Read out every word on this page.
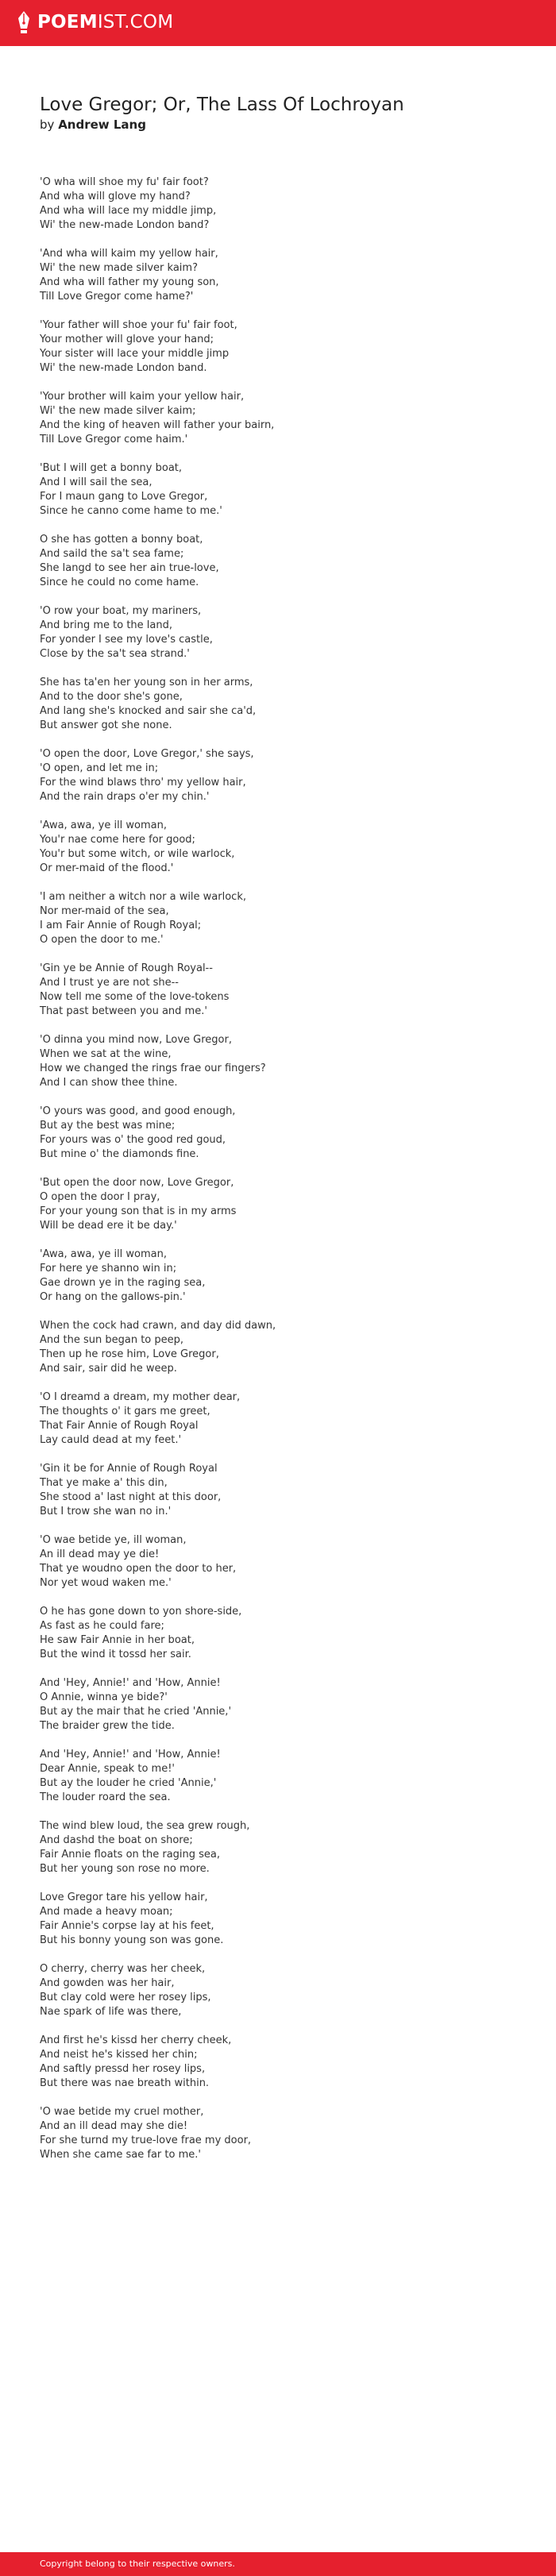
POEMIST.COM
Love Gregor; Or, The Lass Of Lochroyan
by Andrew Lang

'O wha will shoe my fu' fair foot?
And wha will glove my hand?
And wha will lace my middle jimp,
Wi' the new-made London band?

'And wha will kaim my yellow hair,
Wi' the new made silver kaim?
And wha will father my young son,
Till Love Gregor come hame?'

'Your father will shoe your fu' fair foot,
Your mother will glove your hand;
Your sister will lace your middle jimp
Wi' the new-made London band.

'Your brother will kaim your yellow hair,
Wi' the new made silver kaim;
And the king of heaven will father your bairn,
Till Love Gregor come haim.'

'But I will get a bonny boat,
And I will sail the sea,
For I maun gang to Love Gregor,
Since he canno come hame to me.'

O she has gotten a bonny boat,
And saild the sa't sea fame;
She langd to see her ain true-love,
Since he could no come hame.

'O row your boat, my mariners,
And bring me to the land,
For yonder I see my love's castle,
Close by the sa't sea strand.'

She has ta'en her young son in her arms,
And to the door she's gone,
And lang she's knocked and sair she ca'd,
But answer got she none.

'O open the door, Love Gregor,' she says,
'O open, and let me in;
For the wind blaws thro' my yellow hair,
And the rain draps o'er my chin.'

'Awa, awa, ye ill woman,
You'r nae come here for good;
You'r but some witch, or wile warlock,
Or mer-maid of the flood.'

'I am neither a witch nor a wile warlock,
Nor mer-maid of the sea,
I am Fair Annie of Rough Royal;
O open the door to me.'

'Gin ye be Annie of Rough Royal--
And I trust ye are not she--
Now tell me some of the love-tokens
That past between you and me.'

'O dinna you mind now, Love Gregor,
When we sat at the wine,
How we changed the rings frae our fingers?
And I can show thee thine.

'O yours was good, and good enough,
But ay the best was mine;
For yours was o' the good red goud,
But mine o' the diamonds fine.

'But open the door now, Love Gregor,
O open the door I pray,
For your young son that is in my arms
Will be dead ere it be day.'

'Awa, awa, ye ill woman,
For here ye shanno win in;
Gae drown ye in the raging sea,
Or hang on the gallows-pin.'

When the cock had crawn, and day did dawn,
And the sun began to peep,
Then up he rose him, Love Gregor,
And sair, sair did he weep.

'O I dreamd a dream, my mother dear,
The thoughts o' it gars me greet,
That Fair Annie of Rough Royal
Lay cauld dead at my feet.'

'Gin it be for Annie of Rough Royal
That ye make a' this din,
She stood a' last night at this door,
But I trow she wan no in.'

'O wae betide ye, ill woman,
An ill dead may ye die!
That ye woudno open the door to her,
Nor yet woud waken me.'

O he has gone down to yon shore-side,
As fast as he could fare;
He saw Fair Annie in her boat,
But the wind it tossd her sair.

And 'Hey, Annie!' and 'How, Annie!
O Annie, winna ye bide?'
But ay the mair that he cried 'Annie,'
The braider grew the tide.

And 'Hey, Annie!' and 'How, Annie!
Dear Annie, speak to me!'
But ay the louder he cried 'Annie,'
The louder roard the sea.

The wind blew loud, the sea grew rough,
And dashd the boat on shore;
Fair Annie floats on the raging sea,
But her young son rose no more.

Love Gregor tare his yellow hair,
And made a heavy moan;
Fair Annie's corpse lay at his feet,
But his bonny young son was gone.

O cherry, cherry was her cheek,
And gowden was her hair,
But clay cold were her rosey lips,
Nae spark of life was there,

And first he's kissd her cherry cheek,
And neist he's kissed her chin;
And saftly pressd her rosey lips,
But there was nae breath within.

'O wae betide my cruel mother,
And an ill dead may she die!
For she turnd my true-love frae my door,
When she came sae far to me.'

Copyright belong to their respective owners.
